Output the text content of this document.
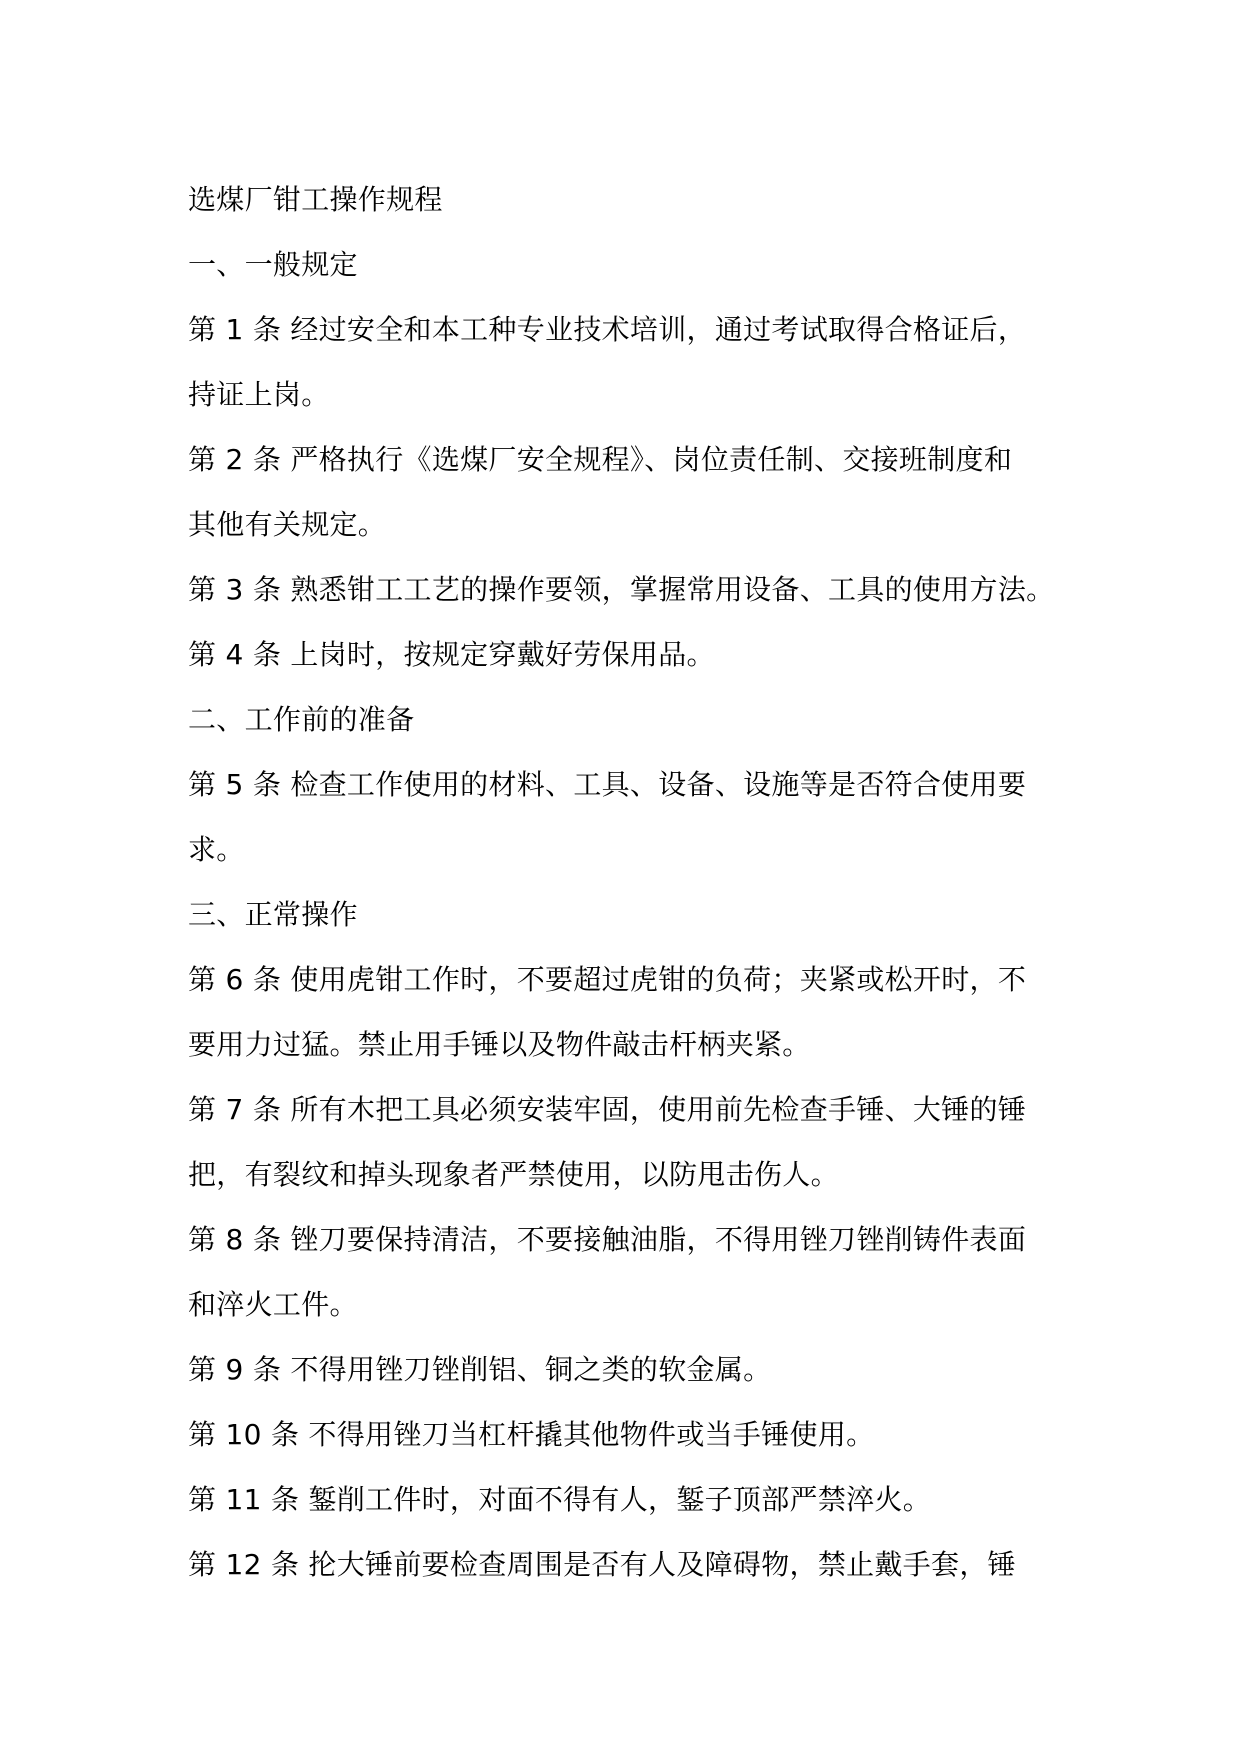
选煤厂钳工操作规程
一、一般规定
第 1 条 经过安全和本工种专业技术培训，通过考试取得合格证后，
持证上岗。
第 2 条 严格执行《选煤厂安全规程》、岗位责任制、交接班制度和
其他有关规定。
第 3 条 熟悉钳工工艺的操作要领，掌握常用设备、工具的使用方法。
第 4 条 上岗时，按规定穿戴好劳保用品。
二、工作前的准备
第 5 条 检查工作使用的材料、工具、设备、设施等是否符合使用要
求。
三、正常操作
第 6 条 使用虎钳工作时，不要超过虎钳的负荷；夹紧或松开时，不
要用力过猛。禁止用手锤以及物件敲击杆柄夹紧。
第 7 条 所有木把工具必须安装牢固，使用前先检查手锤、大锤的锤
把，有裂纹和掉头现象者严禁使用，以防甩击伤人。
第 8 条 锉刀要保持清洁，不要接触油脂，不得用锉刀锉削铸件表面
和淬火工件。
第 9 条 不得用锉刀锉削铝、铜之类的软金属。
第 10 条 不得用锉刀当杠杆撬其他物件或当手锤使用。
第 11 条 錾削工件时，对面不得有人，錾子顶部严禁淬火。
第 12 条 抡大锤前要检查周围是否有人及障碍物，禁止戴手套，锤
